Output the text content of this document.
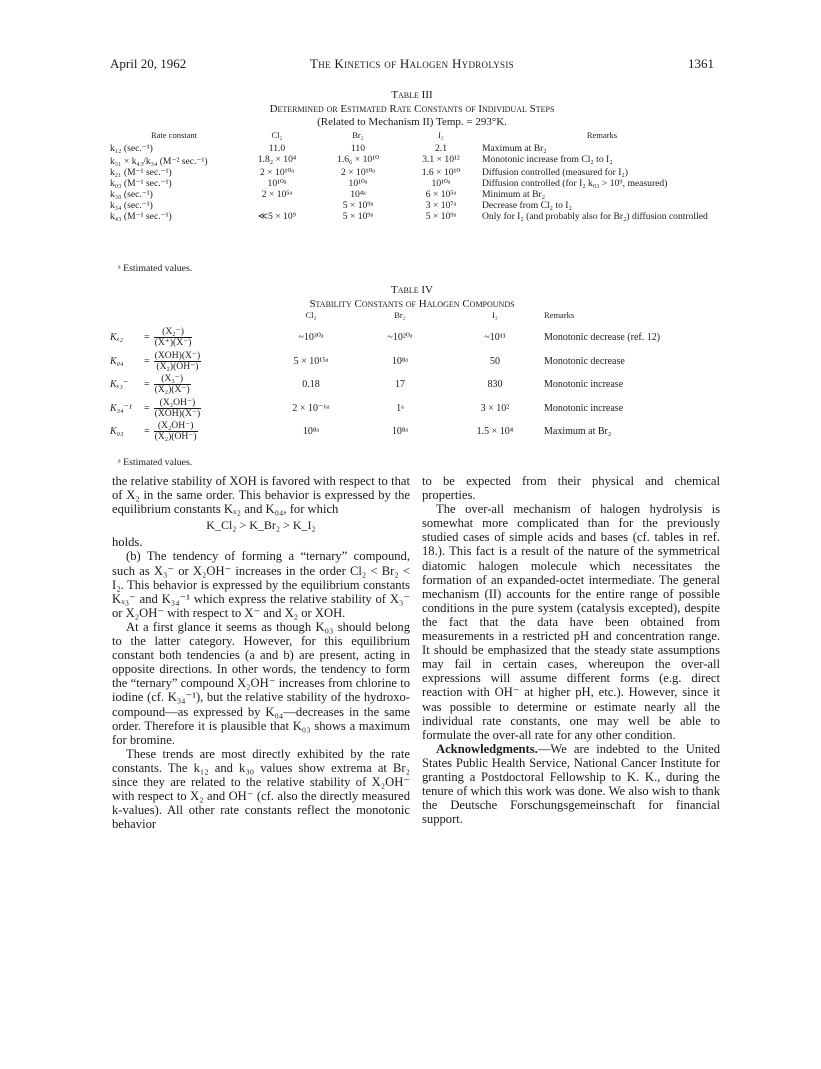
April 20, 1962	The Kinetics of Halogen Hydrolysis	1361
Table III
Determined or Estimated Rate Constants of Individual Steps
(Related to Mechanism II) Temp. = 293°K.
Rate constant	Cl₂	Br₂	I₂	Remarks
k₁₂ (sec.⁻¹)	11.0	110	2.1	Maximum at Br₂
k₃₁ × k₄₃/k₃₄ (M⁻² sec.⁻¹)	1.8₂ × 10⁴	1.6₆ × 10¹⁰	3.1 × 10¹²	Monotonic increase from Cl₂ to I₂
k₂₁ (M⁻¹ sec.⁻¹)	2 × 10¹⁰ᵃ	2 × 10¹⁰ᵃ	1.6 × 10¹⁰	Diffusion controlled (measured for I₂)
k₀₃ (M⁻¹ sec.⁻¹)	10¹⁰ᵃ	10¹⁰ᵃ	10¹⁰ᵃ	Diffusion controlled (for I₂ k₀₃ > 10⁹, measured)
k₃₀ (sec.⁻¹)	2 × 10⁵ᵃ	10⁴ᵃ	6 × 10⁵ᵃ	Minimum at Br₂
k₃₄ (sec.⁻¹)		5 × 10⁹ᵃ	3 × 10⁷ᵃ	Decrease from Cl₂ to I₂
k₄₃ (M⁻¹ sec.⁻¹)	≪5 × 10⁹	5 × 10⁹ᵃ	5 × 10⁹ᵃ	Only for I₂ (and probably also for Br₂) diffusion controlled
ᵃ Estimated values.
Table IV
Stability Constants of Halogen Compounds
	Cl₂	Br₂	I₂	Remarks
$K_{x2} = \frac{\text{(X₂⁻)}}{(X^+)(X^-)}$	~10³⁰ᵃ	~10²⁰ᵃ	~10¹¹	Monotonic decrease (ref. 12)
$K_{04} = \frac{\text{(XOH)(X⁻)}}{\text{(X₂)(OH⁻)}}$	5 × 10¹⁵ᵃ	10⁸ᵃ	50	Monotonic decrease
$K_{x3}^- = \frac{\text{(X₃⁻)}}{\text{(X₂)(X⁻)}}$	0.18	17	830	Monotonic increase
$K_{34}^{-1} = \frac{\text{(X₂OH⁻)}}{\text{(XOH)(X⁻)}}$	2 × 10⁻⁶ᵃ	1ᵃ	3 × 10²	Monotonic increase
$K_{03} = \frac{\text{(X₂OH⁻)}}{\text{(X₂)(OH⁻)}}$	10⁸ᵃ	10⁸ᵃ	1.5 × 10⁴	Maximum at Br₂
ᵃ Estimated values.

the relative stability of XOH is favored with respect to that of X₂ in the same order. This behavior is expressed by the equilibrium constants Kₓ₂ and K₀₄, for which

K_Cl₂ > K_Br₂ > K_I₂

holds.

(b) The tendency of forming a “ternary” compound, such as X₃⁻ or X₂OH⁻ increases in the order Cl₂ < Br₂ < I₂. This behavior is expressed by the equilibrium constants Kₓ₃⁻ and K₃₄⁻¹ which express the relative stability of X₃⁻ or X₂OH⁻ with respect to X⁻ and X₂ or XOH.

At a first glance it seems as though K₀₃ should belong to the latter category. However, for this equilibrium constant both tendencies (a and b) are present, acting in opposite directions. In other words, the tendency to form the “ternary” compound X₂OH⁻ increases from chlorine to iodine (cf. K₃₄⁻¹), but the relative stability of the hydroxo-compound—as expressed by K₀₄—decreases in the same order. Therefore it is plausible that K₀₃ shows a maximum for bromine.

These trends are most directly exhibited by the rate constants. The k₁₂ and k₃₀ values show extrema at Br₂ since they are related to the relative stability of X₂OH⁻ with respect to X₂ and OH⁻ (cf. also the directly measured k-values). All other rate constants reflect the monotonic behavior

to be expected from their physical and chemical properties.

The over-all mechanism of halogen hydrolysis is somewhat more complicated than for the previously studied cases of simple acids and bases (cf. tables in ref. 18.). This fact is a result of the nature of the symmetrical diatomic halogen molecule which necessitates the formation of an expanded-octet intermediate. The general mechanism (II) accounts for the entire range of possible conditions in the pure system (catalysis excepted), despite the fact that the data have been obtained from measurements in a restricted pH and concentration range. It should be emphasized that the steady state assumptions may fail in certain cases, whereupon the over-all expressions will assume different forms (e.g. direct reaction with OH⁻ at higher pH, etc.). However, since it was possible to determine or estimate nearly all the individual rate constants, one may well be able to formulate the over-all rate for any other condition.

Acknowledgments.—We are indebted to the United States Public Health Service, National Cancer Institute for granting a Postdoctoral Fellowship to K. K., during the tenure of which this work was done. We also wish to thank the Deutsche Forschungsgemeinschaft for financial support.
